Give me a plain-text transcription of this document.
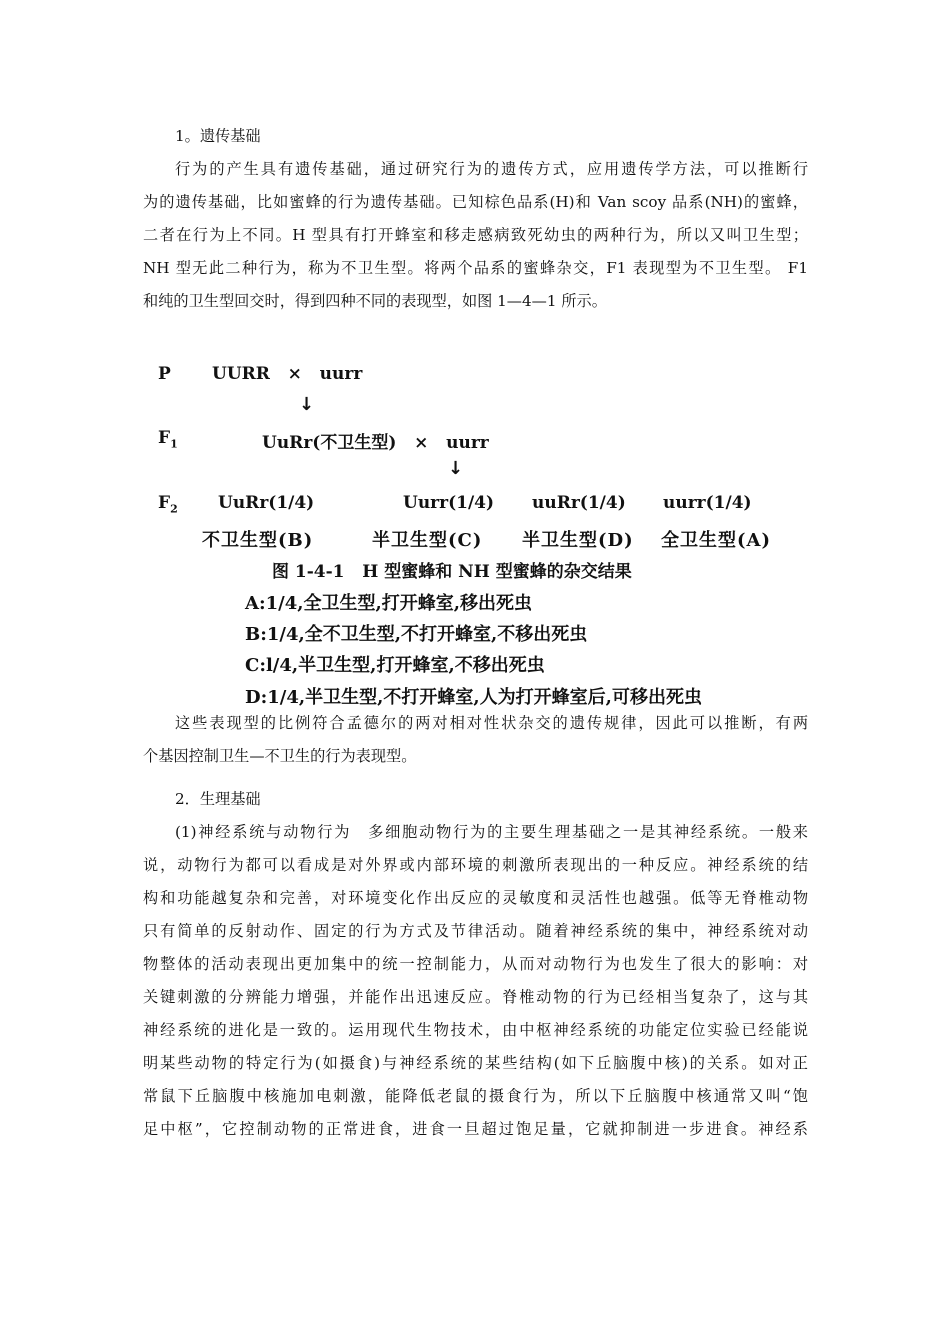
1。遗传基础
行为的产生具有遗传基础，通过研究行为的遗传方式，应用遗传学方法，可以推断行
为的遗传基础，比如蜜蜂的行为遗传基础。已知棕色品系(H)和 Van scoy 品系(NH)的蜜蜂，
二者在行为上不同。H 型具有打开蜂室和移走感病致死幼虫的两种行为，所以又叫卫生型；
NH 型无此二种行为，称为不卫生型。将两个品系的蜜蜂杂交，F1 表现型为不卫生型。 F1
和纯的卫生型回交时，得到四种不同的表现型，如图 1—4—1 所示。
P UURR   ×   uurr
↓
$F_1$	UuRr(不卫生型)   ×   uurr
↓
$F_2$ UuRr(1/4)	Uurr(1/4) uuRr(1/4) uurr(1/4)
不卫生型(B)	半卫生型(C) 半卫生型(D) 全卫生型(A)
图 1-4-1   H 型蜜蜂和 NH 型蜜蜂的杂交结果
A:1/4,全卫生型,打开蜂室,移出死虫
B:1/4,全不卫生型,不打开蜂室,不移出死虫
C:l/4,半卫生型,打开蜂室,不移出死虫
D:1/4,半卫生型,不打开蜂室,人为打开蜂室后,可移出死虫
这些表现型的比例符合孟德尔的两对相对性状杂交的遗传规律，因此可以推断，有两
个基因控制卫生—不卫生的行为表现型。
2．生理基础
(1)神经系统与动物行为　多细胞动物行为的主要生理基础之一是其神经系统。一般来
说，动物行为都可以看成是对外界或内部环境的刺激所表现出的一种反应。神经系统的结
构和功能越复杂和完善，对环境变化作出反应的灵敏度和灵活性也越强。低等无脊椎动物
只有简单的反射动作、固定的行为方式及节律活动。随着神经系统的集中，神经系统对动
物整体的活动表现出更加集中的统一控制能力，从而对动物行为也发生了很大的影响：对
关键刺激的分辨能力增强，并能作出迅速反应。脊椎动物的行为已经相当复杂了，这与其
神经系统的进化是一致的。运用现代生物技术，由中枢神经系统的功能定位实验已经能说
明某些动物的特定行为(如摄食)与神经系统的某些结构(如下丘脑腹中核)的关系。如对正
常鼠下丘脑腹中核施加电刺激，能降低老鼠的摄食行为，所以下丘脑腹中核通常又叫“饱
足中枢”，它控制动物的正常进食，进食一旦超过饱足量，它就抑制进一步进食。神经系
